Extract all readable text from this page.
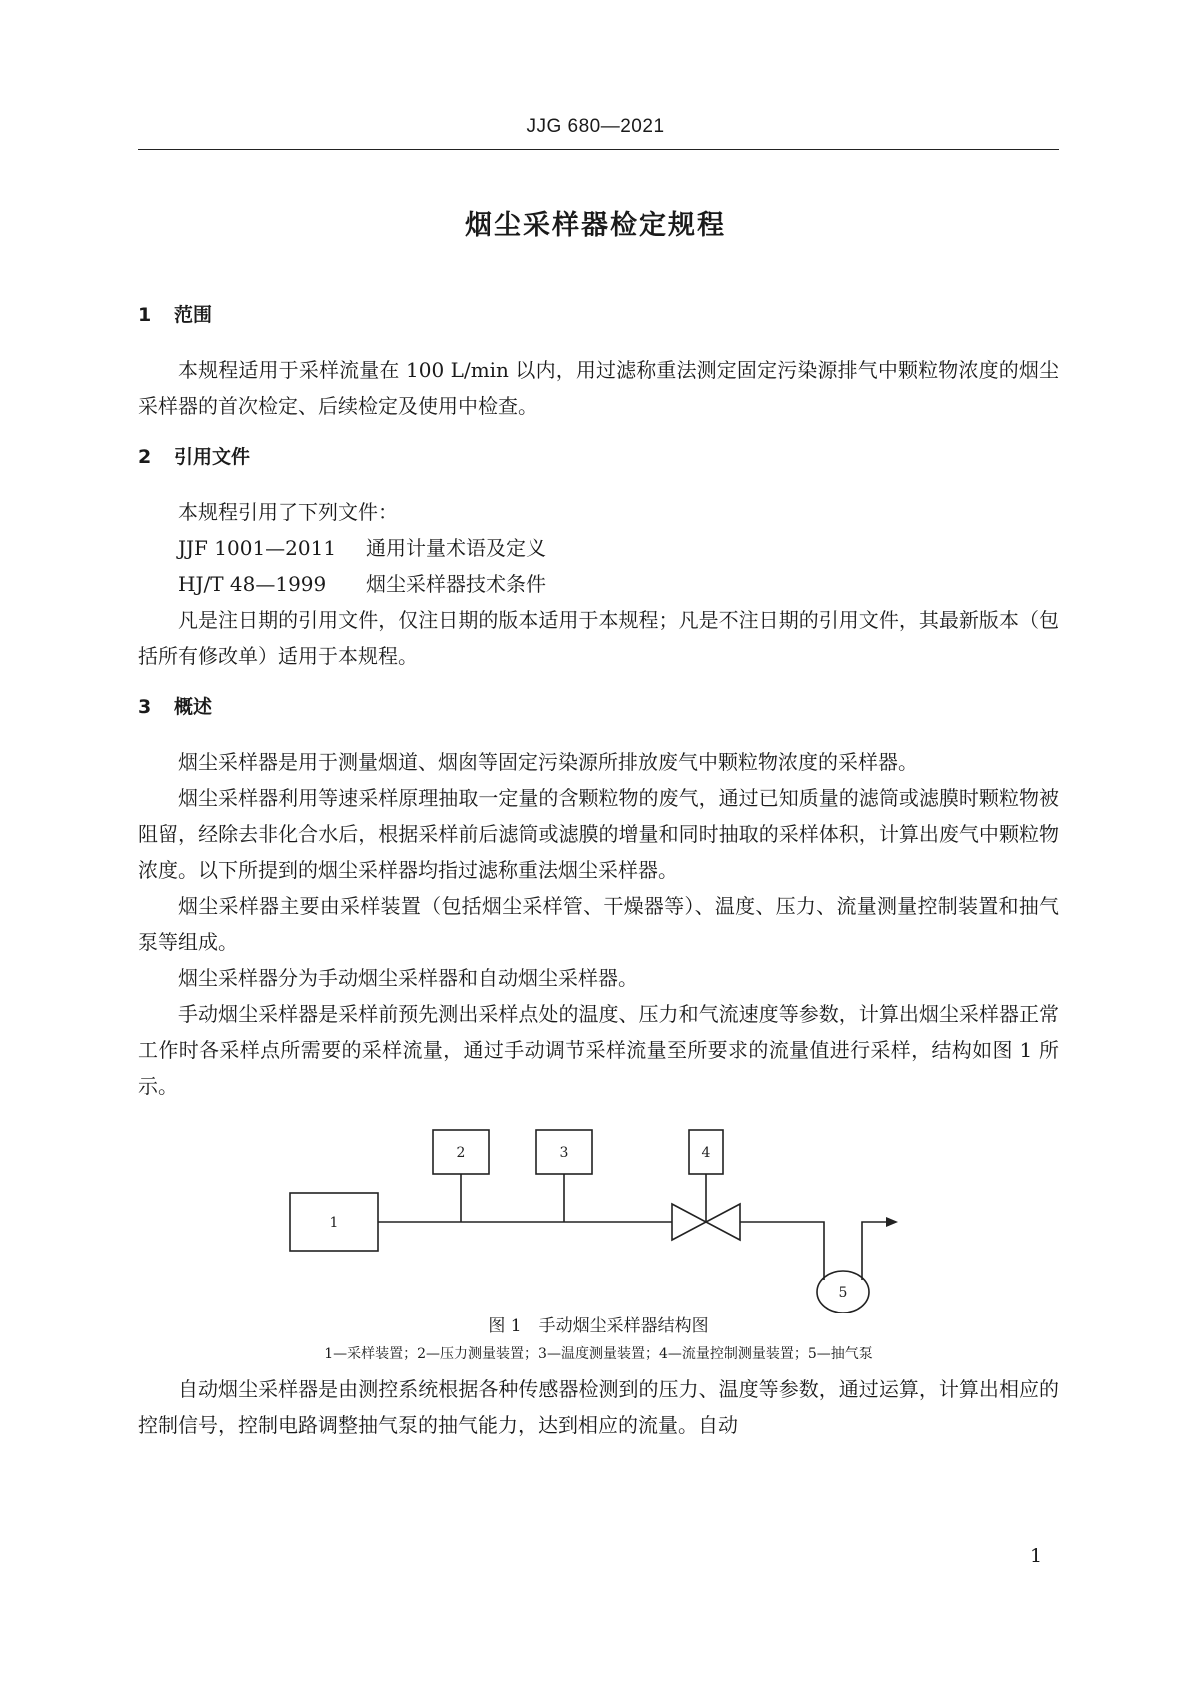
JJG 680—2021
烟尘采样器检定规程
1 范围

本规程适用于采样流量在 100 L/min 以内，用过滤称重法测定固定污染源排气中颗粒物浓度的烟尘采样器的首次检定、后续检定及使用中检查。

2 引用文件

本规程引用了下列文件：

JJF 1001—2011 通用计量术语及定义

HJ/T 48—1999 烟尘采样器技术条件

凡是注日期的引用文件，仅注日期的版本适用于本规程；凡是不注日期的引用文件，其最新版本（包括所有修改单）适用于本规程。

3 概述

烟尘采样器是用于测量烟道、烟囱等固定污染源所排放废气中颗粒物浓度的采样器。

烟尘采样器利用等速采样原理抽取一定量的含颗粒物的废气，通过已知质量的滤筒或滤膜时颗粒物被阻留，经除去非化合水后，根据采样前后滤筒或滤膜的增量和同时抽取的采样体积，计算出废气中颗粒物浓度。以下所提到的烟尘采样器均指过滤称重法烟尘采样器。

烟尘采样器主要由采样装置（包括烟尘采样管、干燥器等）、温度、压力、流量测量控制装置和抽气泵等组成。

烟尘采样器分为手动烟尘采样器和自动烟尘采样器。

手动烟尘采样器是采样前预先测出采样点处的温度、压力和气流速度等参数，计算出烟尘采样器正常工作时各采样点所需要的采样流量，通过手动调节采样流量至所要求的流量值进行采样，结构如图 1 所示。

1
2	3	4
5
图 1　手动烟尘采样器结构图
1—采样装置；2—压力测量装置；3—温度测量装置；4—流量控制测量装置；5—抽气泵

自动烟尘采样器是由测控系统根据各种传感器检测到的压力、温度等参数，通过运算，计算出相应的控制信号，控制电路调整抽气泵的抽气能力，达到相应的流量。自动

1
